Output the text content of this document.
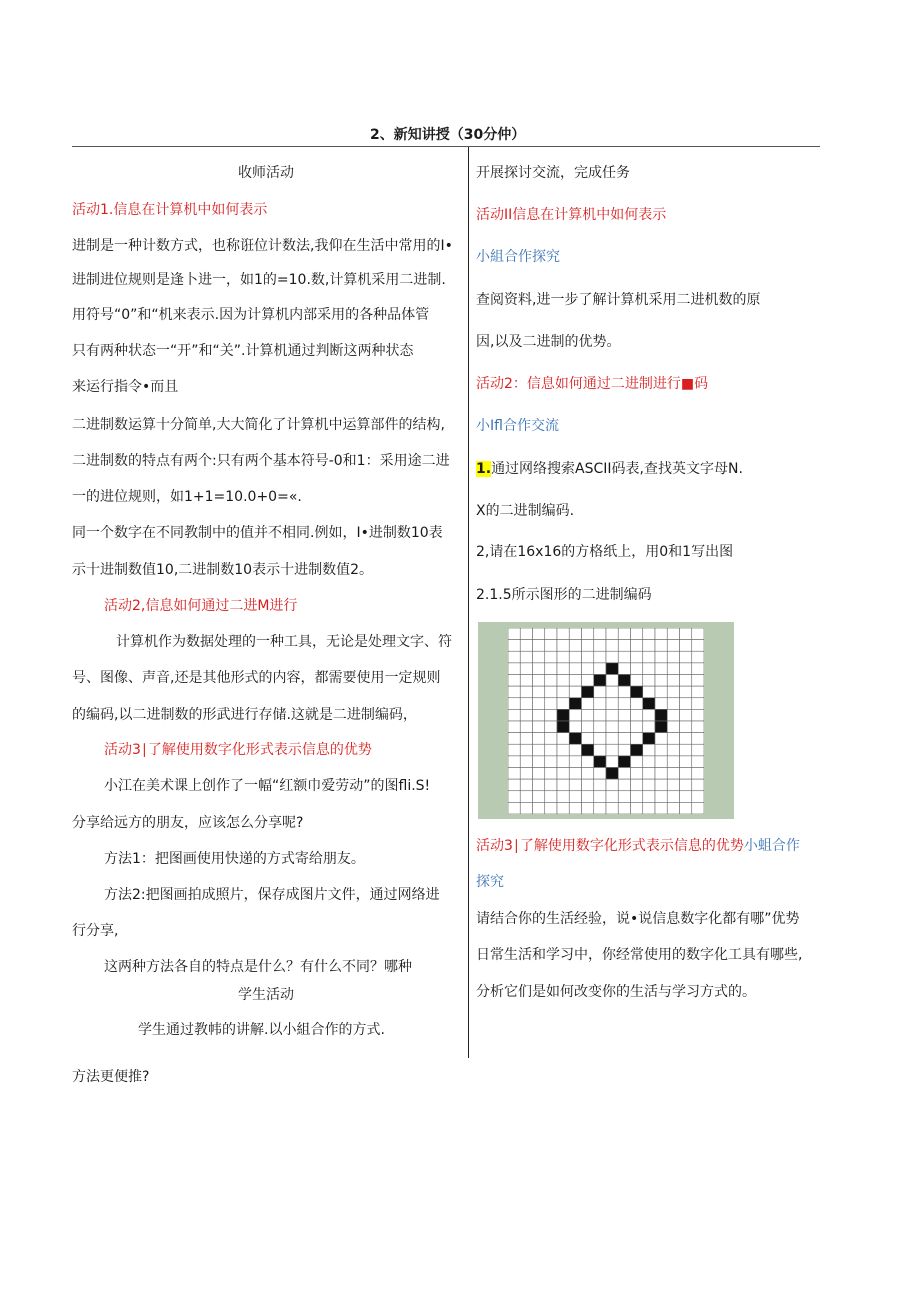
2、新知讲授（30分仲）
收师活动
活动1.信息在计算机中如何表示
进制是一种计数方式，也称诳位计数法,我仰在生活中常用的I•
进制进位规则是逢卜进一，如1的=10.数,计算机采用二进制.
用符号“0”和“机来表示.因为计算机内部采用的各种品体管
只有两种状态一“开”和“关”.计算机通过判断这两种状态
来运行指令•而且
二进制数运算十分简单,大大简化了计算机中运算部件的结构,
二进制数的特点有两个:只有两个基本符号-0和1：采用途二进
一的进位规则，如1+1=10.0+0=«.
同一个数字在不同教制中的值并不相同.例如，I•进制数10表
示十进制数值10,二进制数10表示十进制数值2。
活动2,信息如何通过二进M进行
计算机作为数据处理的一种工具，无论是处理文字、符
号、图像、声音,还是其他形式的内容，都需要使用一定规则
的编码,以二进制数的形武进行存储.这就是二进制编码，
活动3∣了解使用数字化形式表示信息的优势
小江在美术课上创作了一幅“红额巾爱劳动”的图fli.S!
分享给远方的朋友，应该怎么分享呢?
方法1：把图画使用快递的方式寄给朋友。
方法2:把图画拍成照片，保存成图片文件，通过网络进
行分享,
这两种方法各自的特点是什么？有什么不同？哪种
学生活动
学生通过教帏的讲解.以小組合作的方式.
方法更便推?
开展探讨交流，完成任务
活动II信息在计算机中如何表示
小組合作探究
查阅资料,进一步了解计算机采用二进机数的原
因,以及二进制的优势。
活动2：信息如何通过二进制进行■码
小Ifl合作交流
1.通过网络搜索ASCII码表,查找英文字母N.
X的二进制编码.
2,请在16x16的方格纸上，用0和1写出图
2.1.5所示图形的二进制编码
活动3∣了解使用数字化形式表示信息的优势小蛆合作
探究
请结合你的生活经验，说•说信息数字化都有哪”优势
日常生活和学习中，你经常使用的数字化工具有哪些,
分析它们是如何改变你的生活与学习方式的。
